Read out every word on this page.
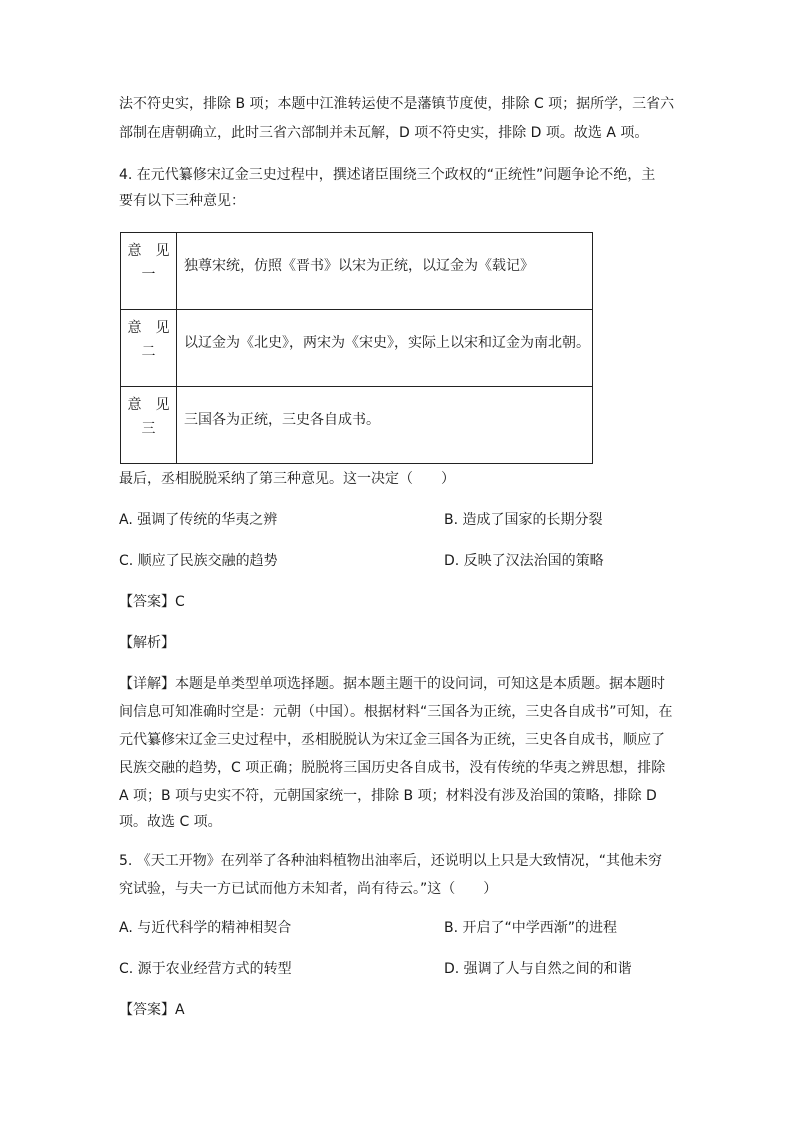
法不符史实，排除 B 项；本题中江淮转运使不是藩镇节度使，排除 C 项；据所学，三省六
部制在唐朝确立，此时三省六部制并未瓦解，D 项不符史实，排除 D 项。故选 A 项。
4. 在元代纂修宋辽金三史过程中，撰述诸臣围绕三个政权的“正统性”问题争论不绝，主
要有以下三种意见：
意　见
一	独尊宋统，仿照《晋书》以宋为正统，以辽金为《载记》

意　见
二	以辽金为《北史》，两宋为《宋史》，实际上以宋和辽金为南北朝。

意　见
三	三国各为正统，三史各自成书。
最后，丞相脱脱采纳了第三种意见。这一决定（　　）
A. 强调了传统的华夷之辨	B. 造成了国家的长期分裂
C. 顺应了民族交融的趋势	D. 反映了汉法治国的策略
【答案】C
【解析】
【详解】本题是单类型单项选择题。据本题主题干的设问词，可知这是本质题。据本题时
间信息可知准确时空是：元朝（中国）。根据材料“三国各为正统，三史各自成书”可知，在
元代纂修宋辽金三史过程中，丞相脱脱认为宋辽金三国各为正统，三史各自成书，顺应了
民族交融的趋势，C 项正确；脱脱将三国历史各自成书，没有传统的华夷之辨思想，排除
A 项；B 项与史实不符，元朝国家统一，排除 B 项；材料没有涉及治国的策略，排除 D
项。故选 C 项。
5. 《天工开物》在列举了各种油料植物出油率后，还说明以上只是大致情况，“其他未穷
究试验，与夫一方已试而他方未知者，尚有待云。”这（　　）
A. 与近代科学的精神相契合	B. 开启了“中学西渐”的进程
C. 源于农业经营方式的转型	D. 强调了人与自然之间的和谐
【答案】A
